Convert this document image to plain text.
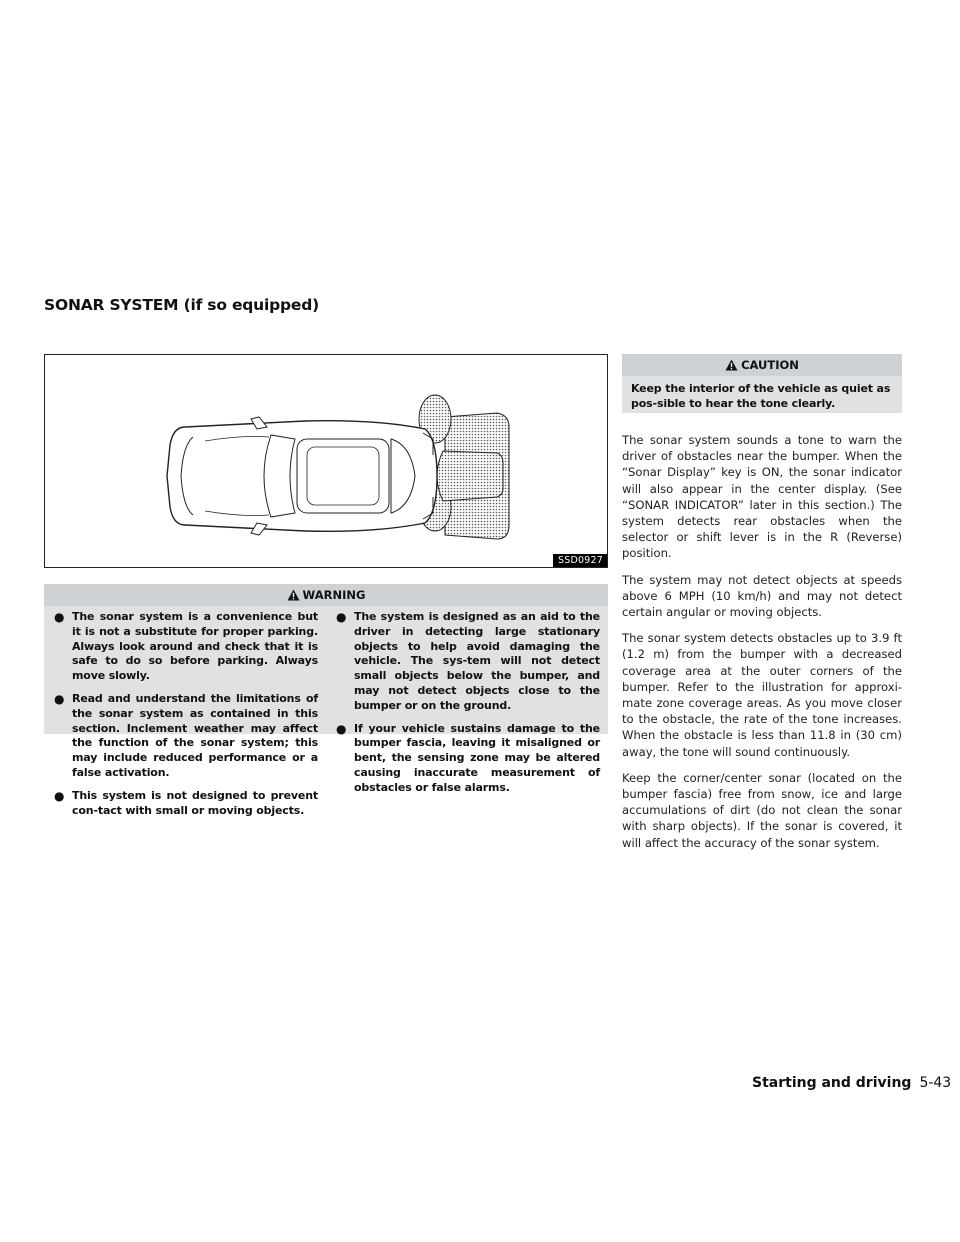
SONAR SYSTEM (if so equipped)
SSD0927
WARNING
● The sonar system is a convenience but it is not a substitute for proper parking. Always look around and check that it is safe to do so before parking. Always move slowly.
● Read and understand the limitations of the sonar system as contained in this section. Inclement weather may affect the function of the sonar system; this may include reduced performance or a false activation.
● This system is not designed to prevent con-tact with small or moving objects.
● The system is designed as an aid to the driver in detecting large stationary objects to help avoid damaging the vehicle. The sys-tem will not detect small objects below the bumper, and may not detect objects close to the bumper or on the ground.
● If your vehicle sustains damage to the bumper fascia, leaving it misaligned or bent, the sensing zone may be altered causing inaccurate measurement of obstacles or false alarms.
CAUTION
Keep the interior of the vehicle as quiet as pos-sible to hear the tone clearly.

The sonar system sounds a tone to warn the driver of obstacles near the bumper. When the “Sonar Display” key is ON, the sonar indicator will also appear in the center display. (See “SONAR INDICATOR” later in this section.) The system detects rear obstacles when the selector or shift lever is in the R (Reverse) position.

The system may not detect objects at speeds above 6 MPH (10 km/h) and may not detect certain angular or moving objects.

The sonar system detects obstacles up to 3.9 ft (1.2 m) from the bumper with a decreased coverage area at the outer corners of the bumper. Refer to the illustration for approxi-mate zone coverage areas. As you move closer to the obstacle, the rate of the tone increases. When the obstacle is less than 11.8 in (30 cm) away, the tone will sound continuously.

Keep the corner/center sonar (located on the bumper fascia) free from snow, ice and large accumulations of dirt (do not clean the sonar with sharp objects). If the sonar is covered, it will affect the accuracy of the sonar system.

Starting and driving 5-43
